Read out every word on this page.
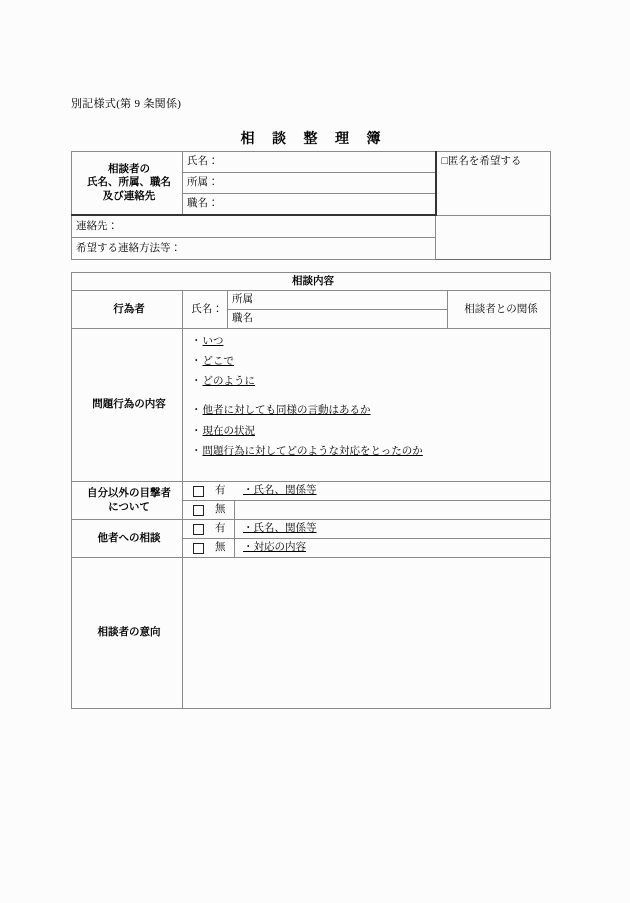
別記様式(第 9 条関係)
相 談 整 理 簿
相談者の
氏名、所属、職名
及び連絡先
	氏名：	□匿名を希望する
所属：
職名：
連絡先：
希望する連絡方法等：
相談内容			
行為者	氏名：	所属	相談者との関係
		職名	
問題行為の内容	
・いつ
・どこで
・どのように
・他者に対しても同様の言動はあるか
・現在の状況
・問題行為に対してどのような対応をとったのか

自分以外の目撃者
について

有	・氏名、関係等

	無		

他者への相談	有 ・氏名、関係等		

	無 ・対応の内容		

相談者の意向			
